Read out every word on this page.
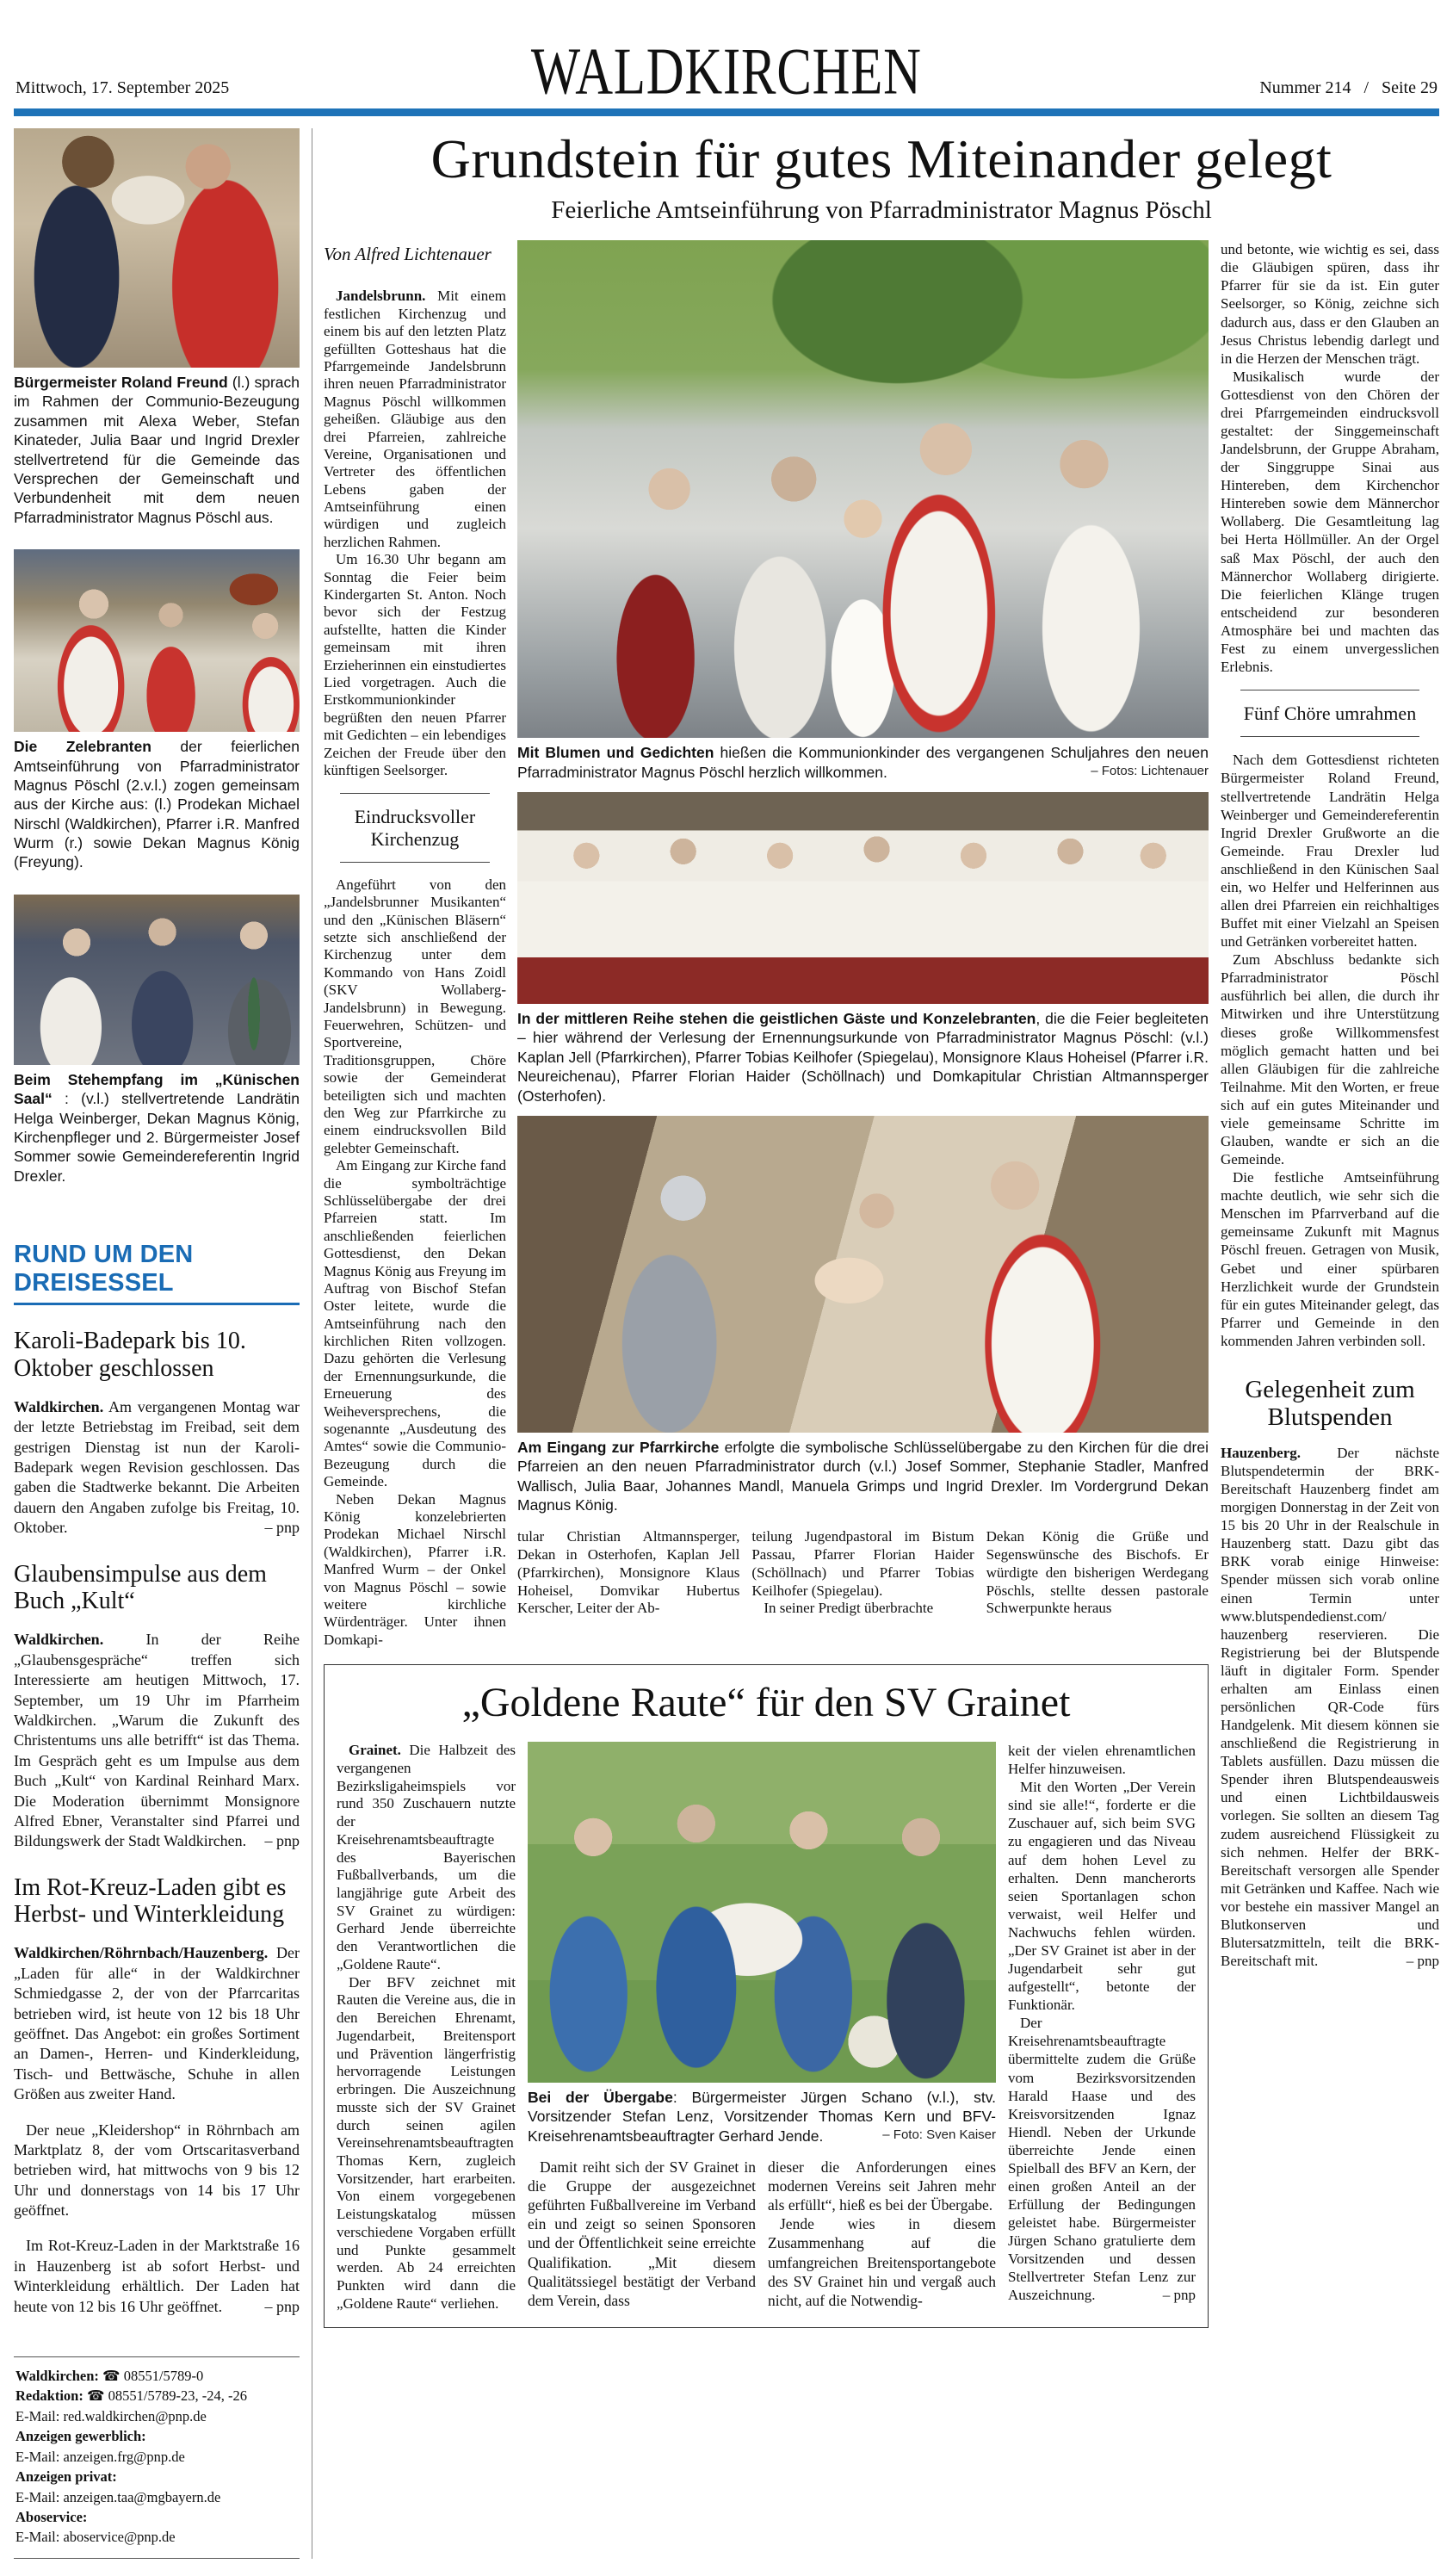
Mittwoch, 17. September 2025	WALDKIRCHEN	Nummer 214 / Seite 29

Bürgermeister Roland Freund (l.) sprach im Rahmen der Communio-Bezeugung zusammen mit Alexa Weber, Stefan Kinateder, Julia Baar und Ingrid Drexler stellvertretend für die Gemeinde das Versprechen der Gemeinschaft und Verbundenheit mit dem neuen Pfarradministrator Magnus Pöschl aus.

Die Zelebranten der feierlichen Amtseinführung von Pfarradministrator Magnus Pöschl (2.v.l.) zogen gemeinsam aus der Kirche aus: (l.) Prodekan Michael Nirschl (Waldkirchen), Pfarrer i.R. Manfred Wurm (r.) sowie Dekan Magnus König (Freyung).

Beim Stehempfang im „Künischen Saal“ : (v.l.) stellvertretende Landrätin Helga Weinberger, Dekan Magnus König, Kirchenpfleger und 2. Bürgermeister Josef Sommer sowie Gemeindereferentin Ingrid Drexler.

RUND UM DEN DREISESSEL
Karoli-Badepark bis 10. Oktober geschlossen

Waldkirchen. Am vergangenen Montag war der letzte Betriebstag im Freibad, seit dem gestrigen Dienstag ist nun der Karoli-Badepark wegen Revision geschlossen. Das gaben die Stadtwerke bekannt. Die Arbeiten dauern den Angaben zufolge bis Freitag, 10. Oktober.	– pnp

Glaubensimpulse aus dem Buch „Kult“

Waldkirchen. In der Reihe „Glaubensgespräche“ treffen sich Interessierte am heutigen Mittwoch, 17. September, um 19 Uhr im Pfarrheim Waldkirchen. „Warum die Zukunft des Christentums uns alle betrifft“ ist das Thema. Im Gespräch geht es um Impulse aus dem Buch „Kult“ von Kardinal Reinhard Marx. Die Moderation übernimmt Monsignore Alfred Ebner, Veranstalter sind Pfarrei und Bildungswerk der Stadt Waldkirchen.	– pnp

Im Rot-Kreuz-Laden gibt es Herbst- und Winterkleidung

Waldkirchen/Röhrnbach/Hauzenberg. Der „Laden für alle“ in der Waldkirchner Schmiedgasse 2, der von der Pfarrcaritas betrieben wird, ist heute von 12 bis 18 Uhr geöffnet. Das Angebot: ein großes Sortiment an Damen-, Herren- und Kinderkleidung, Tisch- und Bettwäsche, Schuhe in allen Größen aus zweiter Hand.

Der neue „Kleidershop“ in Röhrnbach am Marktplatz 8, der vom Ortscaritasverband betrieben wird, hat mittwochs von 9 bis 12 Uhr und donnerstags von 14 bis 17 Uhr geöffnet.

Im Rot-Kreuz-Laden in der Marktstraße 16 in Hauzenberg ist ab sofort Herbst- und Winterkleidung erhältlich. Der Laden hat heute von 12 bis 16 Uhr geöffnet.	– pnp

Waldkirchen: ☎ 08551/5789-0
Redaktion: ☎ 08551/5789-23, -24, -26
E-Mail: red.waldkirchen@pnp.de
Anzeigen gewerblich:
E-Mail: anzeigen.frg@pnp.de
Anzeigen privat:
E-Mail: anzeigen.taa@mgbayern.de
Aboservice:
E-Mail: aboservice@pnp.de
Grundstein für gutes Miteinander gelegt
Feierliche Amtseinführung von Pfarradministrator Magnus Pöschl
Von Alfred Lichtenauer

Jandelsbrunn. Mit einem festlichen Kirchenzug und einem bis auf den letzten Platz gefüllten Gotteshaus hat die Pfarrgemeinde Jandelsbrunn ihren neuen Pfarradministrator Magnus Pöschl willkommen geheißen. Gläubige aus den drei Pfarreien, zahlreiche Vereine, Organisationen und Vertreter des öffentlichen Lebens gaben der Amtseinführung einen würdigen und zugleich herzlichen Rahmen.

Um 16.30 Uhr begann am Sonntag die Feier beim Kindergarten St. Anton. Noch bevor sich der Festzug aufstellte, hatten die Kinder gemeinsam mit ihren Erzieherinnen ein einstudiertes Lied vorgetragen. Auch die Erstkommunionkinder begrüßten den neuen Pfarrer mit Gedichten – ein lebendiges Zeichen der Freude über den künftigen Seelsorger.

Eindrucksvoller Kirchenzug

Angeführt von den „Jandelsbrunner Musikanten“ und den „Künischen Bläsern“ setzte sich anschließend der Kirchenzug unter dem Kommando von Hans Zoidl (SKV Wollaberg-Jandelsbrunn) in Bewegung. Feuerwehren, Schützen- und Sportvereine, Traditionsgruppen, Chöre sowie der Gemeinderat beteiligten sich und machten den Weg zur Pfarrkirche zu einem eindrucksvollen Bild gelebter Gemeinschaft.

Am Eingang zur Kirche fand die symbolträchtige Schlüsselübergabe der drei Pfarreien statt. Im anschließenden feierlichen Gottesdienst, den Dekan Magnus König aus Freyung im Auftrag von Bischof Stefan Oster leitete, wurde die Amtseinführung nach den kirchlichen Riten vollzogen. Dazu gehörten die Verlesung der Ernennungsurkunde, die Erneuerung des Weiheversprechens, die sogenannte „Ausdeutung des Amtes“ sowie die Communio-Bezeugung durch die Gemeinde.

Neben Dekan Magnus König konzelebrierten Prodekan Michael Nirschl (Waldkirchen), Pfarrer i.R. Manfred Wurm – der Onkel von Magnus Pöschl – sowie weitere kirchliche Würdenträger. Unter ihnen Domkapi-

Mit Blumen und Gedichten hießen die Kommunionkinder des vergangenen Schuljahres den neuen Pfarradministrator Magnus Pöschl herzlich willkommen.	– Fotos: Lichtenauer

In der mittleren Reihe stehen die geistlichen Gäste und Konzelebranten, die die Feier begleiteten – hier während der Verlesung der Ernennungsurkunde von Pfarradministrator Magnus Pöschl: (v.l.) Kaplan Jell (Pfarrkirchen), Pfarrer Tobias Keilhofer (Spiegelau), Monsignore Klaus Hoheisel (Pfarrer i.R. Neureichenau), Pfarrer Florian Haider (Schöllnach) und Domkapitular Christian Altmannsperger (Osterhofen).

Am Eingang zur Pfarrkirche erfolgte die symbolische Schlüsselübergabe zu den Kirchen für die drei Pfarreien an den neuen Pfarradministrator durch (v.l.) Josef Sommer, Stephanie Stadler, Manfred Wallisch, Julia Baar, Johannes Mandl, Manuela Grimps und Ingrid Drexler. Im Vordergrund Dekan Magnus König.

tular Christian Altmannsperger, Dekan in Osterhofen, Kaplan Jell (Pfarrkirchen), Monsignore Klaus Hoheisel, Domvikar Hubertus Kerscher, Leiter der Ab-

teilung Jugendpastoral im Bistum Passau, Pfarrer Florian Haider (Schöllnach) und Pfarrer Tobias Keilhofer (Spiegelau).

In seiner Predigt überbrachte

Dekan König die Grüße und Segenswünsche des Bischofs. Er würdigte den bisherigen Werdegang Pöschls, stellte dessen pastorale Schwerpunkte heraus

„Goldene Raute“ für den SV Grainet

Grainet. Die Halbzeit des vergangenen Bezirksligaheimspiels vor rund 350 Zuschauern nutzte der Kreisehrenamtsbeauftragte des Bayerischen Fußballverbands, um die langjährige gute Arbeit des SV Grainet zu würdigen: Gerhard Jende überreichte den Verantwortlichen die „Goldene Raute“.

Der BFV zeichnet mit Rauten die Vereine aus, die in den Bereichen Ehrenamt, Jugendarbeit, Breitensport und Prävention längerfristig hervorragende Leistungen erbringen. Die Auszeichnung musste sich der SV Grainet durch seinen agilen Vereinsehrenamtsbeauftragten Thomas Kern, zugleich Vorsitzender, hart erarbeiten. Von einem vorgegebenen Leistungskatalog müssen verschiedene Vorgaben erfüllt und Punkte gesammelt werden. Ab 24 erreichten Punkten wird dann die „Goldene Raute“ verliehen.

Bei der Übergabe: Bürgermeister Jürgen Schano (v.l.), stv. Vorsitzender Stefan Lenz, Vorsitzender Thomas Kern und BFV-Kreisehrenamtsbeauftragter Gerhard Jende.	– Foto: Sven Kaiser

Damit reiht sich der SV Grainet in die Gruppe der ausgezeichnet geführten Fußballvereine im Verband ein und zeigt so seinen Sponsoren und der Öffentlichkeit seine erreichte Qualifikation. „Mit diesem Qualitätssiegel bestätigt der Verband dem Verein, dass

dieser die Anforderungen eines modernen Vereins seit Jahren mehr als erfüllt“, hieß es bei der Übergabe.

Jende wies in diesem Zusammenhang auf die umfangreichen Breitensportangebote des SV Grainet hin und vergaß auch nicht, auf die Notwendig-

keit der vielen ehrenamtlichen Helfer hinzuweisen.

Mit den Worten „Der Verein sind sie alle!“, forderte er die Zuschauer auf, sich beim SVG zu engagieren und das Niveau auf dem hohen Level zu erhalten. Denn mancherorts seien Sportanlagen schon verwaist, weil Helfer und Nachwuchs fehlen würden. „Der SV Grainet ist aber in der Jugendarbeit sehr gut aufgestellt“, betonte der Funktionär.

Der Kreisehrenamtsbeauftragte übermittelte zudem die Grüße vom Bezirksvorsitzenden Harald Haase und des Kreisvorsitzenden Ignaz Hiendl. Neben der Urkunde überreichte Jende einen Spielball des BFV an Kern, der einen großen Anteil an der Erfüllung der Bedingungen geleistet habe. Bürgermeister Jürgen Schano gratulierte dem Vorsitzenden und dessen Stellvertreter Stefan Lenz zur Auszeichnung.	– pnp

und betonte, wie wichtig es sei, dass die Gläubigen spüren, dass ihr Pfarrer für sie da ist. Ein guter Seelsorger, so König, zeichne sich dadurch aus, dass er den Glauben an Jesus Christus lebendig darlegt und in die Herzen der Menschen trägt.

Musikalisch wurde der Gottesdienst von den Chören der drei Pfarrgemeinden eindrucksvoll gestaltet: der Singgemeinschaft Jandelsbrunn, der Gruppe Abraham, der Singgruppe Sinai aus Hintereben, dem Kirchenchor Hintereben sowie dem Männerchor Wollaberg. Die Gesamtleitung lag bei Herta Höllmüller. An der Orgel saß Max Pöschl, der auch den Männerchor Wollaberg dirigierte. Die feierlichen Klänge trugen entscheidend zur besonderen Atmosphäre bei und machten das Fest zu einem unvergesslichen Erlebnis.

Fünf Chöre umrahmen

Nach dem Gottesdienst richteten Bürgermeister Roland Freund, stellvertretende Landrätin Helga Weinberger und Gemeindereferentin Ingrid Drexler Grußworte an die Gemeinde. Frau Drexler lud anschließend in den Künischen Saal ein, wo Helfer und Helferinnen aus allen drei Pfarreien ein reichhaltiges Buffet mit einer Vielzahl an Speisen und Getränken vorbereitet hatten.

Zum Abschluss bedankte sich Pfarradministrator Pöschl ausführlich bei allen, die durch ihr Mitwirken und ihre Unterstützung dieses große Willkommensfest möglich gemacht hatten und bei allen Gläubigen für die zahlreiche Teilnahme. Mit den Worten, er freue sich auf ein gutes Miteinander und viele gemeinsame Schritte im Glauben, wandte er sich an die Gemeinde.

Die festliche Amtseinführung machte deutlich, wie sehr sich die Menschen im Pfarrverband auf die gemeinsame Zukunft mit Magnus Pöschl freuen. Getragen von Musik, Gebet und einer spürbaren Herzlichkeit wurde der Grundstein für ein gutes Miteinander gelegt, das Pfarrer und Gemeinde in den kommenden Jahren verbinden soll.

Gelegenheit zum Blutspenden

Hauzenberg. Der nächste Blutspendetermin der BRK-Bereitschaft Hauzenberg findet am morgigen Donnerstag in der Zeit von 15 bis 20 Uhr in der Realschule in Hauzenberg statt. Dazu gibt das BRK vorab einige Hinweise: Spender müssen sich vorab online einen Termin unter www.blutspendedienst.com/ hauzenberg reservieren. Die Registrierung bei der Blutspende läuft in digitaler Form. Spender erhalten am Einlass einen persönlichen QR-Code fürs Handgelenk. Mit diesem können sie anschließend die Registrierung in Tablets ausfüllen. Dazu müssen die Spender ihren Blutspendeausweis und einen Lichtbildausweis vorlegen. Sie sollten an diesem Tag zudem ausreichend Flüssigkeit zu sich nehmen. Helfer der BRK-Bereitschaft versorgen alle Spender mit Getränken und Kaffee. Nach wie vor bestehe ein massiver Mangel an Blutkonserven und Blutersatzmitteln, teilt die BRK-Bereitschaft mit.	– pnp
